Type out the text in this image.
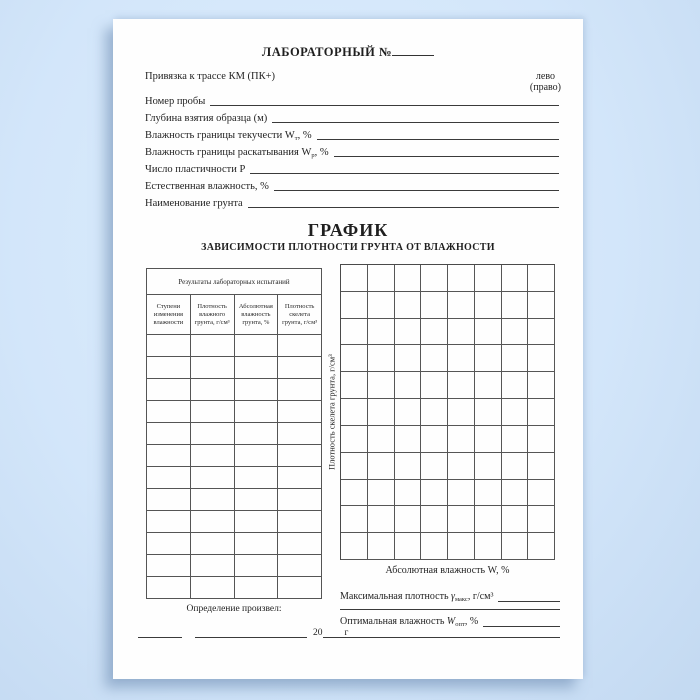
ЛАБОРАТОРНЫЙ №
Привязка к трассе КМ (ПК+)	лево
(право)
Номер пробы
Глубина взятия образца (м)
Влажность границы текучести $W_т$, %
Влажность границы раскатывания $W_р$, %
Число пластичности Р
Естественная влажность, %
Наименование грунта
ГРАФИК
ЗАВИСИМОСТИ ПЛОТНОСТИ ГРУНТА ОТ ВЛАЖНОСТИ
Результаты лабораторных испытаний			
Ступени изменения влажности	Плотность влажного грунта, г/см³	Абсолютная влажность грунта, %	Плотность скелета грунта, г/см³

Определение произвел:
20 г
Плотность скелета грунта, г/см³
Абсолютная влажность W, %
Максимальная плотность $\gamma_{макс}$, г/см³
Оптимальная влажность $W_{опт}$, %
